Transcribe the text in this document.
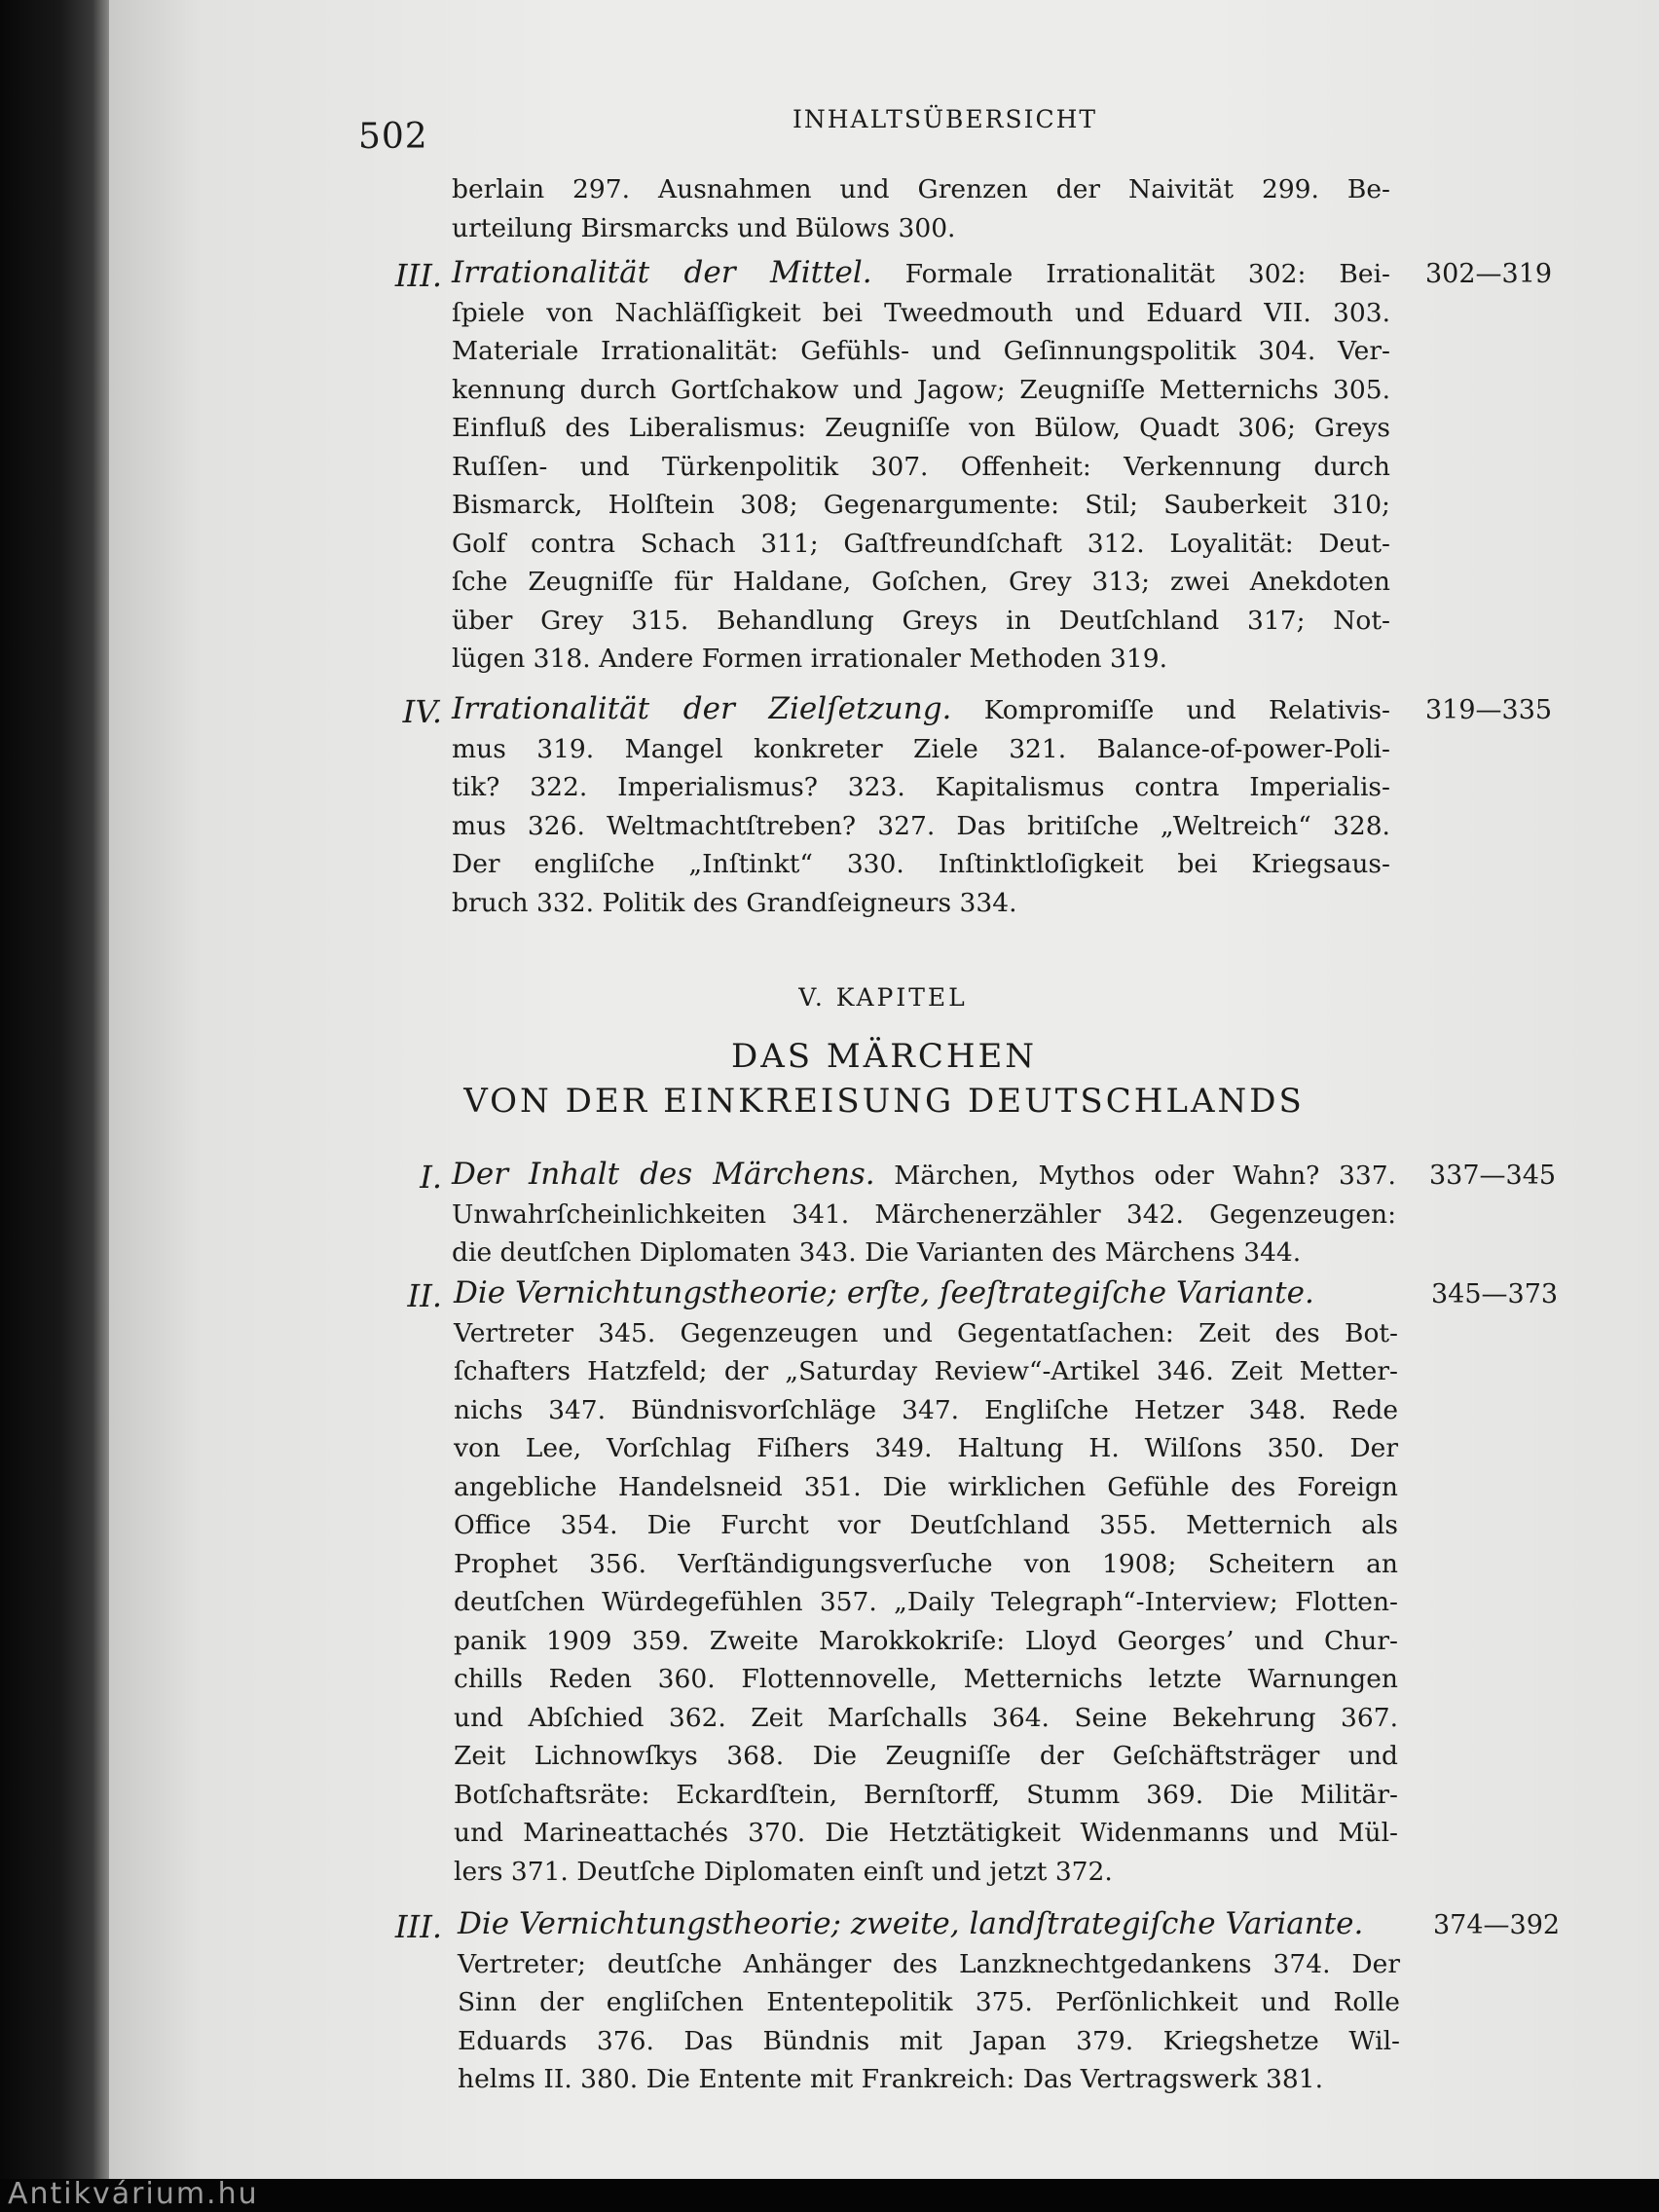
502	INHALTSÜBERSICHT
berlain 297. Ausnahmen und Grenzen der Naivität 299. Be-
urteilung Birsmarcks und Bülows 300.
III. Irrationalität der Mittel. Formale Irrationalität 302: Bei-
ſpiele von Nachläſſigkeit bei Tweedmouth und Eduard VII. 303.
Materiale Irrationalität: Gefühls- und Geſinnungspolitik 304. Ver-
kennung durch Gortſchakow und Jagow; Zeugniſſe Metternichs 305.
Einfluß des Liberalismus: Zeugniſſe von Bülow, Quadt 306; Greys
Ruſſen- und Türkenpolitik 307. Offenheit: Verkennung durch
Bismarck, Holſtein 308; Gegenargumente: Stil; Sauberkeit 310;
Golf contra Schach 311; Gaſtfreundſchaft 312. Loyalität: Deut-
ſche Zeugniſſe für Haldane, Goſchen, Grey 313; zwei Anekdoten
über Grey 315. Behandlung Greys in Deutſchland 317; Not-
lügen 318. Andere Formen irrationaler Methoden 319.
302—319
IV. Irrationalität der Zielſetzung. Kompromiſſe und Relativis-
mus 319. Mangel konkreter Ziele 321. Balance-of-power-Poli-
tik? 322. Imperialismus? 323. Kapitalismus contra Imperialis-
mus 326. Weltmachtſtreben? 327. Das britiſche „Weltreich“ 328.
Der engliſche „Inſtinkt“ 330. Inſtinktloſigkeit bei Kriegsaus-
bruch 332. Politik des Grandſeigneurs 334.
319—335
V. KAPITEL
DAS MÄRCHEN
VON DER EINKREISUNG DEUTSCHLANDS
I. Der Inhalt des Märchens. Märchen, Mythos oder Wahn? 337.
Unwahrſcheinlichkeiten 341. Märchenerzähler 342. Gegenzeugen:
die deutſchen Diplomaten 343. Die Varianten des Märchens 344.
337—345
II. Die Vernichtungstheorie; erſte, ſeeſtrategiſche Variante.
Vertreter 345. Gegenzeugen und Gegentatſachen: Zeit des Bot-
ſchafters Hatzfeld; der „Saturday Review“-Artikel 346. Zeit Metter-
nichs 347. Bündnisvorſchläge 347. Engliſche Hetzer 348. Rede
von Lee, Vorſchlag Fiſhers 349. Haltung H. Wilſons 350. Der
angebliche Handelsneid 351. Die wirklichen Gefühle des Foreign
Office 354. Die Furcht vor Deutſchland 355. Metternich als
Prophet 356. Verſtändigungsverſuche von 1908; Scheitern an
deutſchen Würdegefühlen 357. „Daily Telegraph“-Interview; Flotten-
panik 1909 359. Zweite Marokkokriſe: Lloyd Georges’ und Chur-
chills Reden 360. Flottennovelle, Metternichs letzte Warnungen
und Abſchied 362. Zeit Marſchalls 364. Seine Bekehrung 367.
Zeit Lichnowſkys 368. Die Zeugniſſe der Geſchäftsträger und
Botſchaftsräte: Eckardſtein, Bernſtorff, Stumm 369. Die Militär-
und Marineattachés 370. Die Hetztätigkeit Widenmanns und Mül-
lers 371. Deutſche Diplomaten einſt und jetzt 372.
345—373
III. Die Vernichtungstheorie; zweite, landſtrategiſche Variante.
Vertreter; deutſche Anhänger des Lanzknechtgedankens 374. Der
Sinn der engliſchen Ententepolitik 375. Perſönlichkeit und Rolle
Eduards 376. Das Bündnis mit Japan 379. Kriegshetze Wil-
helms II. 380. Die Entente mit Frankreich: Das Vertragswerk 381.
374—392
Antikvárium.hu
